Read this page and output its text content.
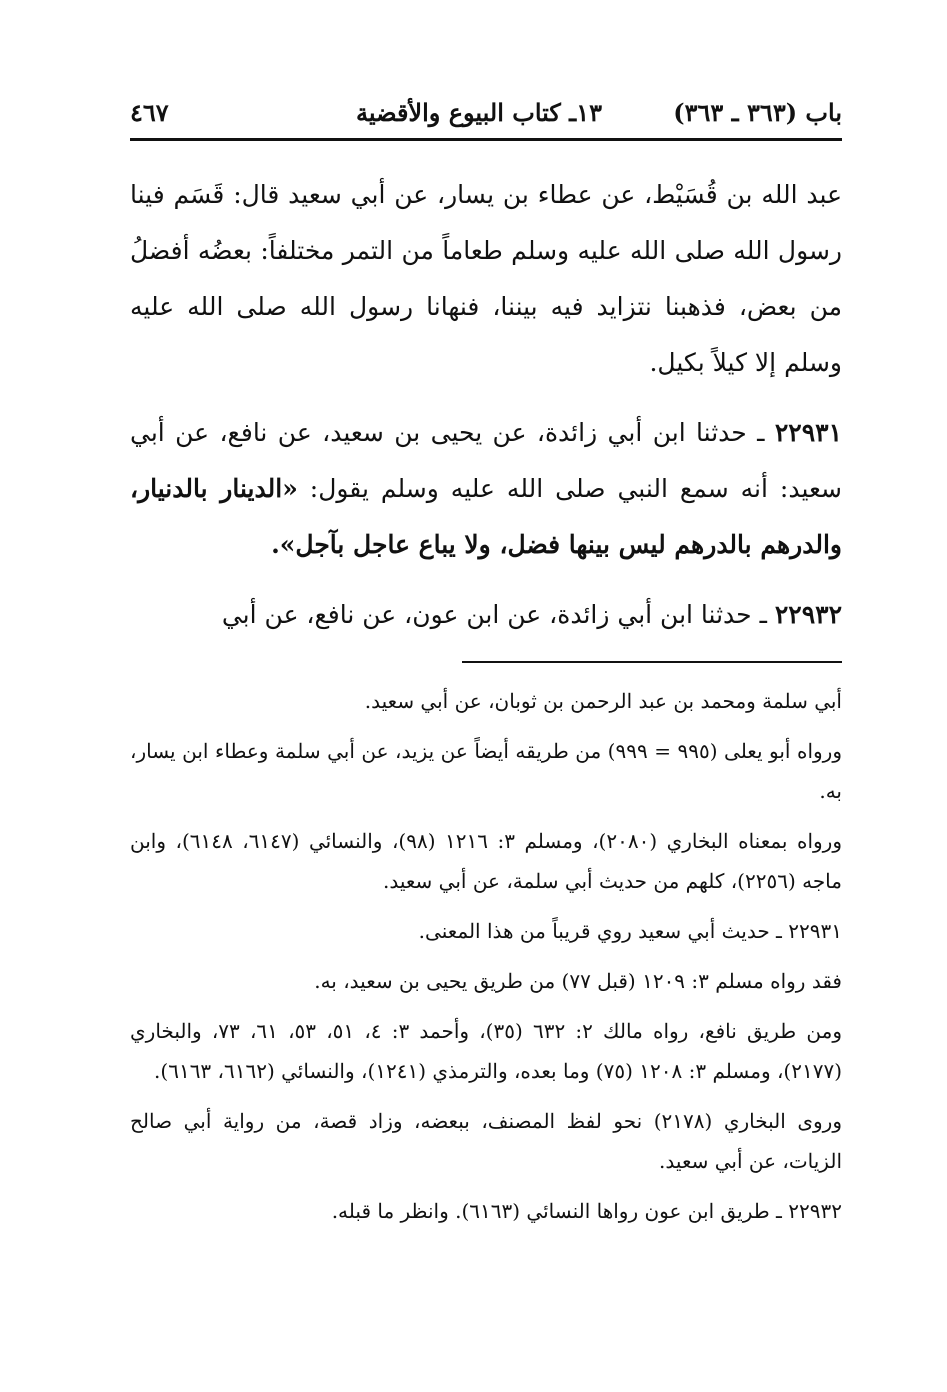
باب (٣٦٣ ـ ٣٦٣)
١٣ـ كتاب البيوع والأقضية
٤٦٧

عبد الله بن قُسَيْط، عن عطاء بن يسار، عن أبي سعيد قال: قَسَم فينا رسول الله صلى الله عليه وسلم طعاماً من التمر مختلفاً: بعضُه أفضلُ من بعض، فذهبنا نتزايد فيه بيننا، فنهانا رسول الله صلى الله عليه وسلم إلا كيلاً بكيل.

٢٢٩٣١ ـ حدثنا ابن أبي زائدة، عن يحيى بن سعيد، عن نافع، عن أبي سعيد: أنه سمع النبي صلى الله عليه وسلم يقول: «الدينار بالدنيار، والدرهم بالدرهم ليس بينها فضل، ولا يباع عاجل بآجل».

٢٢٩٣٢ ـ حدثنا ابن أبي زائدة، عن ابن عون، عن نافع، عن أبي

أبي سلمة ومحمد بن عبد الرحمن بن ثوبان، عن أبي سعيد.

ورواه أبو يعلى (٩٩٥ = ٩٩٩) من طريقه أيضاً عن يزيد، عن أبي سلمة وعطاء ابن يسار، به.

ورواه بمعناه البخاري (٢٠٨٠)، ومسلم ٣: ١٢١٦ (٩٨)، والنسائي (٦١٤٧، ٦١٤٨)، وابن ماجه (٢٢٥٦)، كلهم من حديث أبي سلمة، عن أبي سعيد.

٢٢٩٣١ ـ حديث أبي سعيد روي قريباً من هذا المعنى.

فقد رواه مسلم ٣: ١٢٠٩ (قبل ٧٧) من طريق يحيى بن سعيد، به.

ومن طريق نافع، رواه مالك ٢: ٦٣٢ (٣٥)، وأحمد ٣: ٤، ٥١، ٥٣، ٦١، ٧٣، والبخاري (٢١٧٧)، ومسلم ٣: ١٢٠٨ (٧٥) وما بعده، والترمذي (١٢٤١)، والنسائي (٦١٦٢، ٦١٦٣).

وروى البخاري (٢١٧٨) نحو لفظ المصنف، ببعضه، وزاد قصة، من رواية أبي صالح الزيات، عن أبي سعيد.

٢٢٩٣٢ ـ طريق ابن عون رواها النسائي (٦١٦٣). وانظر ما قبله.
